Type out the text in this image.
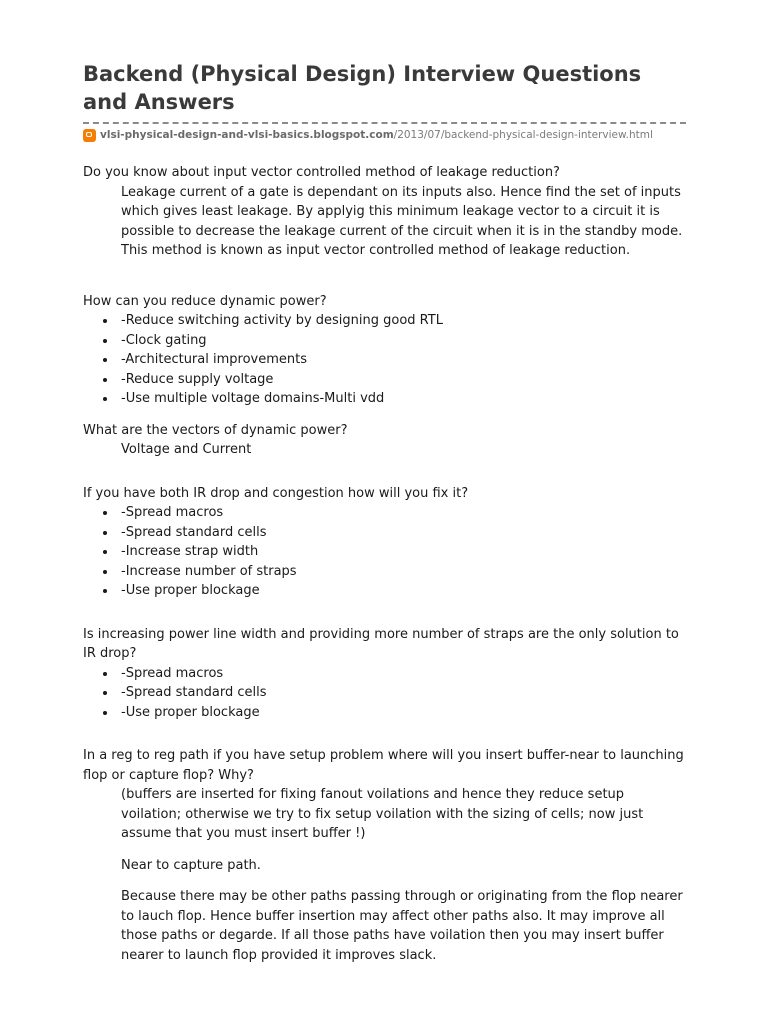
Backend (Physical Design) Interview Questions and Answers
vlsi-physical-design-and-vlsi-basics.blogspot.com /2013/07/backend-physical-design-interview.html

Do you know about input vector controlled method of leakage reduction?

Leakage current of a gate is dependant on its inputs also. Hence find the set of inputs which gives least leakage. By applyig this minimum leakage vector to a circuit it is possible to decrease the leakage current of the circuit when it is in the standby mode. This method is known as input vector controlled method of leakage reduction.

How can you reduce dynamic power?

-Reduce switching activity by designing good RTL
-Clock gating
-Architectural improvements
-Reduce supply voltage
-Use multiple voltage domains-Multi vdd

What are the vectors of dynamic power?

Voltage and Current

If you have both IR drop and congestion how will you fix it?

-Spread macros
-Spread standard cells
-Increase strap width
-Increase number of straps
-Use proper blockage

Is increasing power line width and providing more number of straps are the only solution to IR drop?

-Spread macros
-Spread standard cells
-Use proper blockage

In a reg to reg path if you have setup problem where will you insert buffer-near to launching flop or capture flop? Why?

(buffers are inserted for fixing fanout voilations and hence they reduce setup voilation; otherwise we try to fix setup voilation with the sizing of cells; now just assume that you must insert buffer !)

Near to capture path.

Because there may be other paths passing through or originating from the flop nearer to lauch flop. Hence buffer insertion may affect other paths also. It may improve all those paths or degarde. If all those paths have voilation then you may insert buffer nearer to launch flop provided it improves slack.
